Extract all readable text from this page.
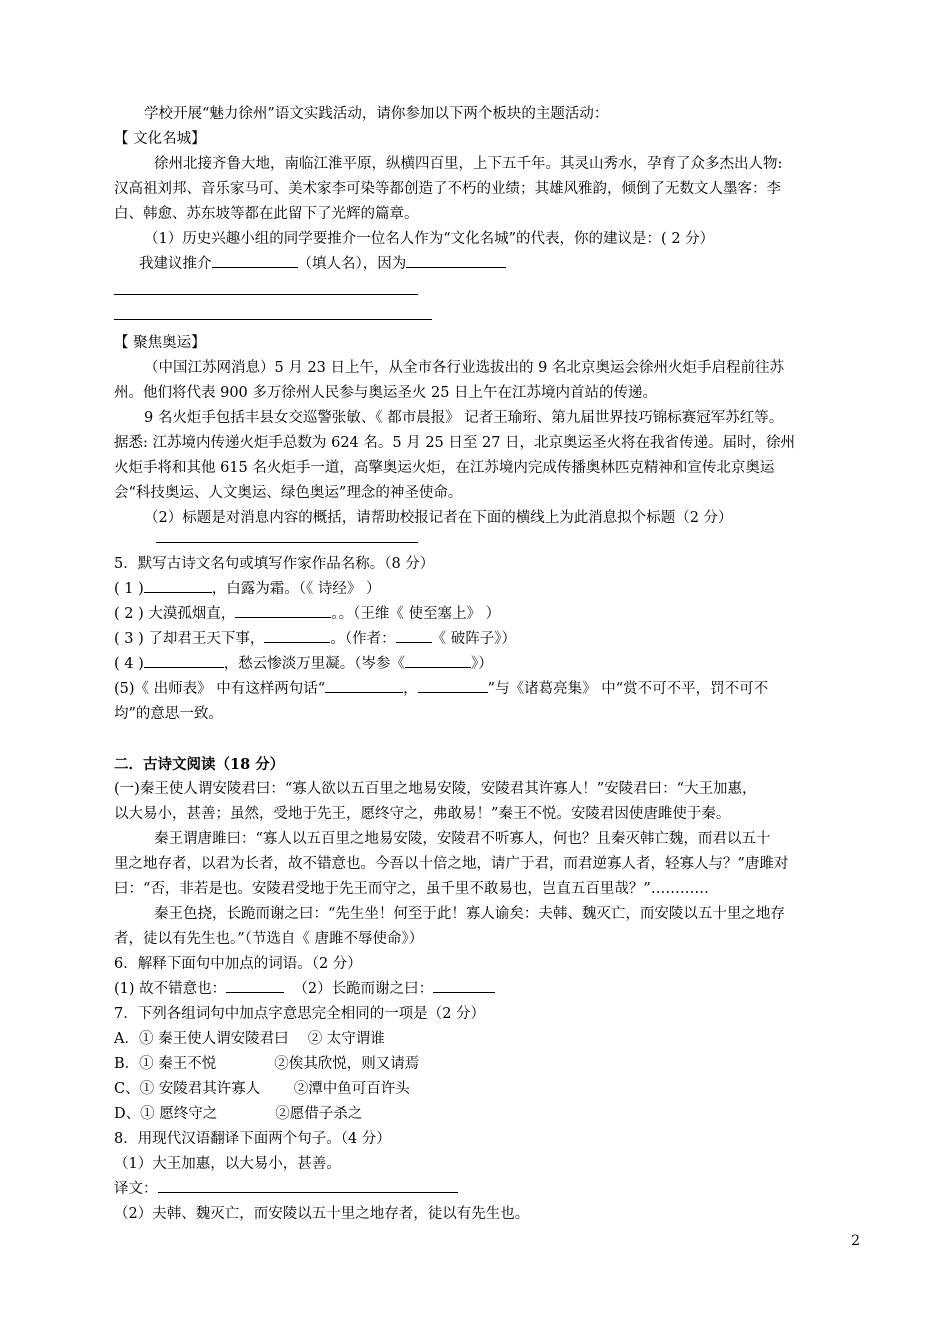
学校开展“魅力徐州”语文实践活动，请你参加以下两个板块的主题活动：
【 文化名城】
徐州北接齐鲁大地，南临江淮平原，纵横四百里，上下五千年。其灵山秀水，孕育了众多杰出人物:
汉高祖刘邦、音乐家马可、美术家李可染等都创造了不朽的业绩；其雄风雅韵，倾倒了无数文人墨客：李
白、韩愈、苏东坡等都在此留下了光辉的篇章。
（1）历史兴趣小组的同学要推介一位名人作为“文化名城”的代表，你的建议是：( 2 分）
我建议推介	（填人名），因为
【 聚焦奥运】
（中国江苏网消息）5 月 23 日上午，从全市各行业选拔出的 9 名北京奥运会徐州火炬手启程前往苏
州。他们将代表 900 多万徐州人民参与奥运圣火 25 日上午在江苏境内首站的传递。
9 名火炬手包括丰县女交巡警张敏、《 都市晨报》 记者王瑜珩、第九届世界技巧锦标赛冠军苏红等。
据悉: 江苏境内传递火炬手总数为 624 名。5 月 25 日至 27 日，北京奥运圣火将在我省传递。届时，徐州
火炬手将和其他 615 名火炬手一道，高擎奥运火炬，在江苏境内完成传播奥林匹克精神和宣传北京奥运
会“科技奥运、人文奥运、绿色奥运”理念的神圣使命。
（2）标题是对消息内容的概括，请帮助校报记者在下面的横线上为此消息拟个标题（2 分）
5．默写古诗文名句或填写作家作品名称。（8 分）
( 1 )	，白露为霜。（《 诗经》 ）
( 2 ) 大漠孤烟直，	。。（王维《 使至塞上》 ）
( 3 ) 了却君王天下事，	。（作者： 《 破阵子》）
( 4 )	，愁云惨淡万里凝。（岑参《	》）
(5)《 出师表》 中有这样两句话“	，	”与《诸葛亮集》 中“赏不可不平，罚不可不
均”的意思一致。
二．古诗文阅读（18 分）
(一)秦王使人谓安陵君曰：“寡人欲以五百里之地易安陵，安陵君其许寡人！”安陵君曰：“大王加惠，
以大易小，甚善；虽然，受地于先王，愿终守之，弗敢易！”秦王不悦。安陵君因使唐雎使于秦。
秦王谓唐雎曰：“寡人以五百里之地易安陵，安陵君不听寡人，何也？且秦灭韩亡魏，而君以五十
里之地存者，以君为长者，故不错意也。今吾以十倍之地，请广于君，而君逆寡人者，轻寡人与？”唐雎对
曰：“否，非若是也。安陵君受地于先王而守之，虽千里不敢易也，岂直五百里哉？”…………
秦王色挠，长跪而谢之曰：“先生坐！何至于此！寡人谕矣：夫韩、魏灭亡，而安陵以五十里之地存
者，徒以有先生也。”（节选自《 唐雎不辱使命》）
6．解释下面句中加点的词语。（2 分）
(1) 故不错意也：	（2）长跪而谢之曰：
7．下列各组词句中加点字意思完全相同的一项是（2 分）
A．① 秦王使人谓安陵君曰　 ② 太守谓谁
B．① 秦王不悦　　　　②俟其欣悦，则又请焉
C、① 安陵君其许寡人　　 ②潭中鱼可百许头
D、① 愿终守之　　　　②愿借子杀之
8．用现代汉语翻译下面两个句子。（4 分）
（1）大王加惠，以大易小，甚善。
译文：
（2）夫韩、魏灭亡，而安陵以五十里之地存者，徒以有先生也。
2
